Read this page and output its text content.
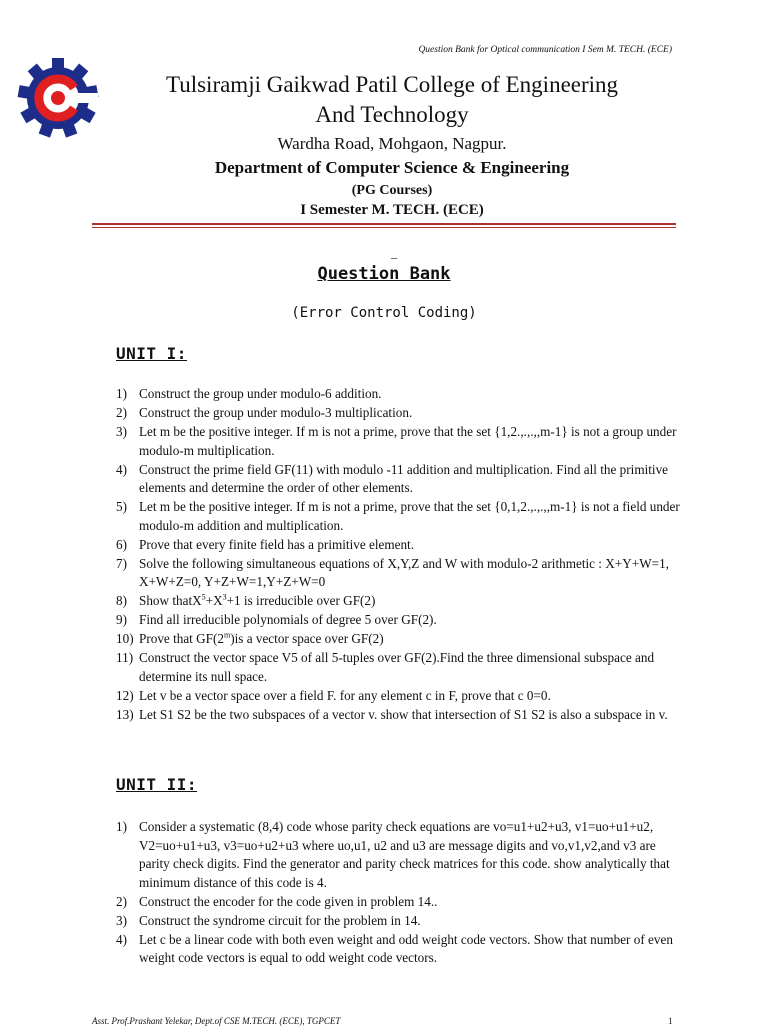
Question Bank for Optical communication I Sem M. TECH. (ECE)
Tulsiramji Gaikwad Patil College of Engineering
And Technology
Wardha Road, Mohgaon, Nagpur.
Department of Computer Science & Engineering
(PG Courses)
I Semester M. TECH. (ECE)
_
Question Bank
(Error Control Coding)
UNIT I:
1) Construct the group under modulo-6 addition.
2) Construct the group under modulo-3 multiplication.
3) Let m be the positive integer. If m is not a prime, prove that the set {1,2.,.,.,,m-1} is not a group under modulo-m multiplication.
4) Construct the prime field GF(11) with modulo -11 addition and multiplication. Find all the primitive elements and determine the order of other elements.
5) Let m be the positive integer. If m is not a prime, prove that the set {0,1,2.,.,.,,m-1} is not a field under modulo-m addition and multiplication.
6) Prove that every finite field has a primitive element.
7) Solve the following simultaneous equations of X,Y,Z and W with modulo-2 arithmetic : X+Y+W=1, X+W+Z=0, Y+Z+W=1,Y+Z+W=0
8) Show $thatX^5+X^3+1$ is irreducible over GF(2)
9) Find all irreducible polynomials of degree 5 over GF(2).
10) Prove that GF(2$^m$)is a vector space over GF(2)
11) Construct the vector space V5 of all 5-tuples over GF(2).Find the three dimensional subspace and determine its null space.
12) Let v be a vector space over a field F. for any element c in F, prove that c 0=0.
13) Let S1 S2 be the two subspaces of a vector v. show that intersection of S1 S2 is also a subspace in v.
UNIT II:
1) Consider a systematic (8,4) code whose parity check equations are vo=u1+u2+u3, v1=uo+u1+u2, V2=uo+u1+u3, v3=uo+u2+u3 where uo,u1, u2 and u3 are message digits and vo,v1,v2,and v3 are parity check digits. Find the generator and parity check matrices for this code. show analytically that minimum distance of this code is 4.
2) Construct the encoder for the code given in problem 14..
3) Construct the syndrome circuit for the problem in 14.
4) Let c be a linear code with both even weight and odd weight code vectors. Show that number of even weight code vectors is equal to odd weight code vectors.
Asst. Prof.Prashant Yelekar, Dept.of CSE M.TECH. (ECE), TGPCET	1
